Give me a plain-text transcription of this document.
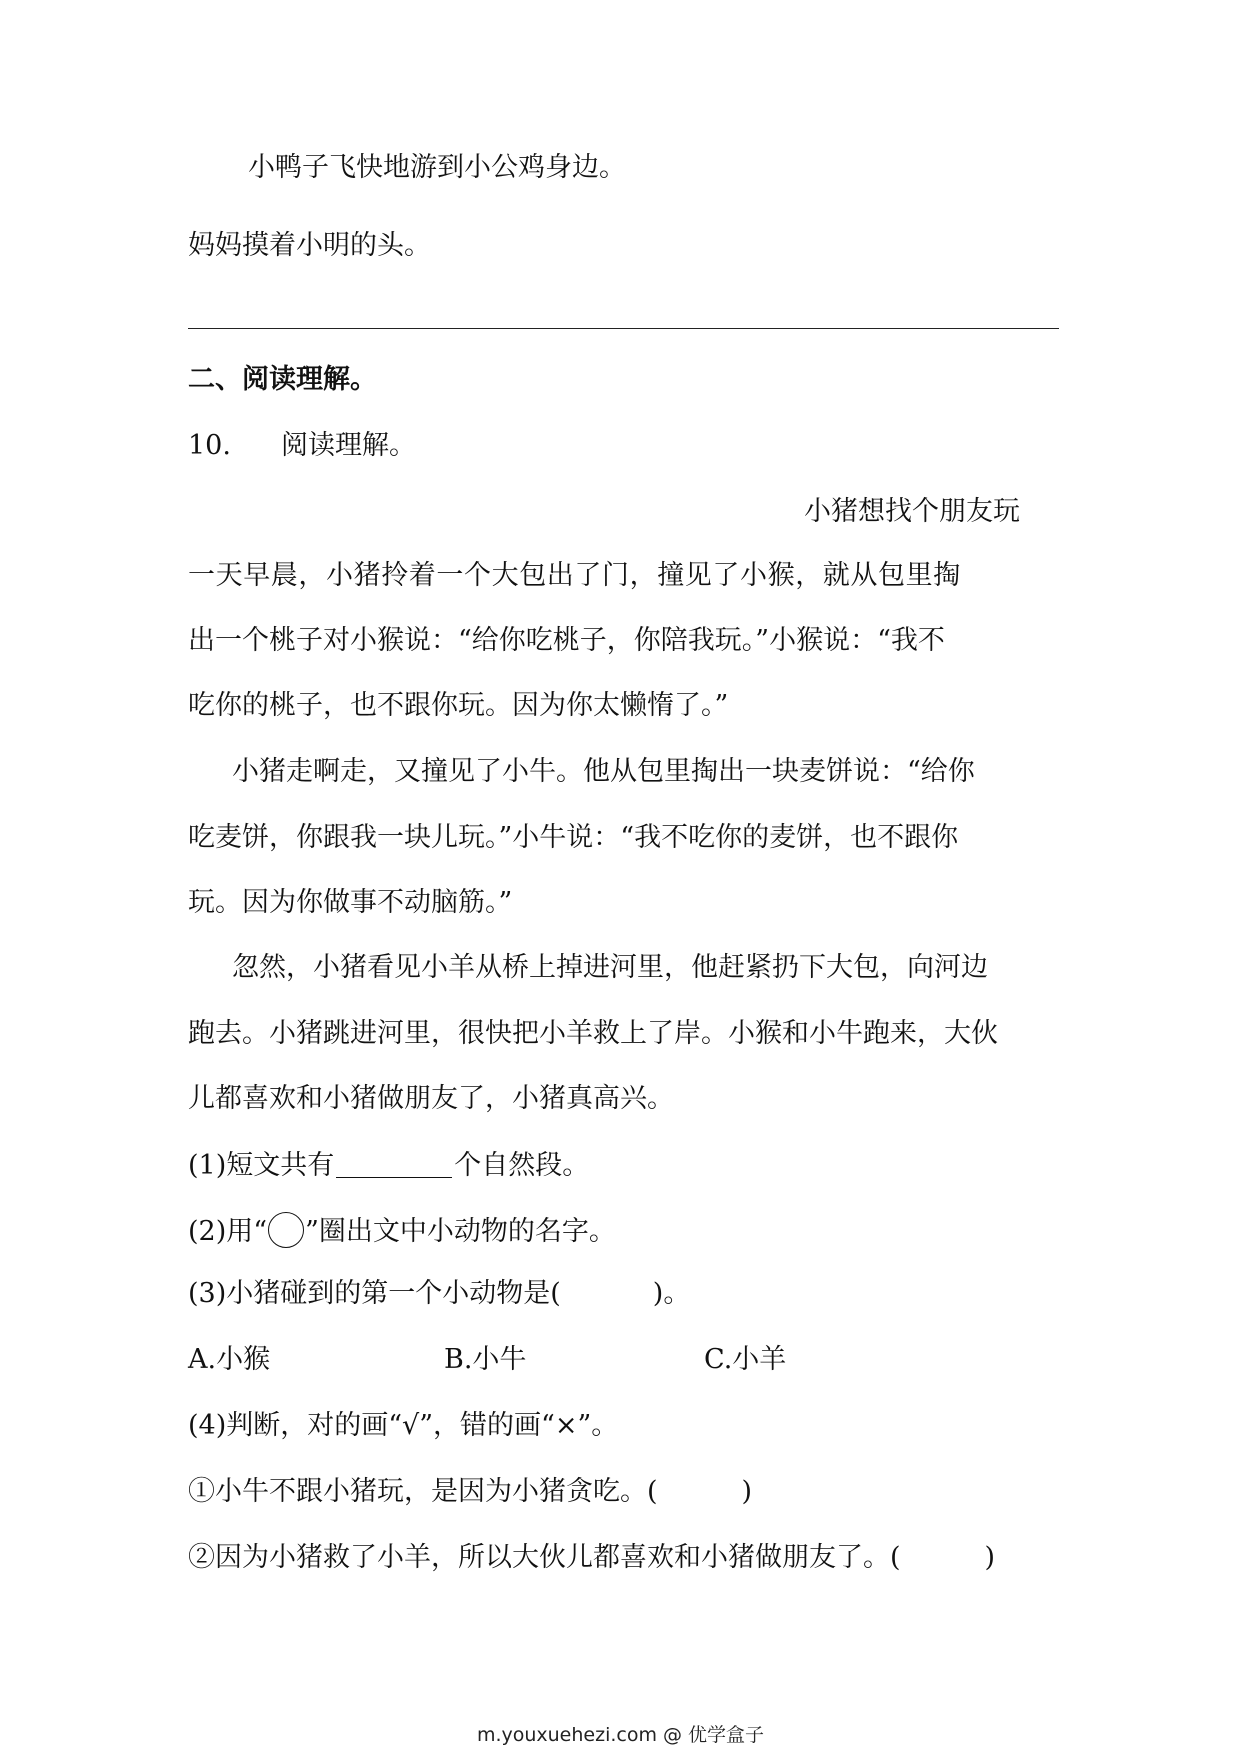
小鸭子飞快地游到小公鸡身边。
妈妈摸着小明的头。
二、阅读理解。
10. 阅读理解。
小猪想找个朋友玩
一天早晨，小猪拎着一个大包出了门，撞见了小猴，就从包里掏
出一个桃子对小猴说：“给你吃桃子，你陪我玩。”小猴说：“我不
吃你的桃子，也不跟你玩。因为你太懒惰了。”
小猪走啊走，又撞见了小牛。他从包里掏出一块麦饼说：“给你
吃麦饼，你跟我一块儿玩。”小牛说：“我不吃你的麦饼，也不跟你
玩。因为你做事不动脑筋。”
忽然，小猪看见小羊从桥上掉进河里，他赶紧扔下大包，向河边
跑去。小猪跳进河里，很快把小羊救上了岸。小猴和小牛跑来，大伙
儿都喜欢和小猪做朋友了，小猪真高兴。
(1)短文共有	个自然段。
(2)用“ ”圈出文中小动物的名字。
(3)小猪碰到的第一个小动物是(	)。
A.小猴	B.小牛	C.小羊
(4)判断，对的画“√”，错的画“×”。
①小牛不跟小猪玩，是因为小猪贪吃。(	)
②因为小猪救了小羊，所以大伙儿都喜欢和小猪做朋友了。(	)
m.youxuehezi.com @ 优学盒子
